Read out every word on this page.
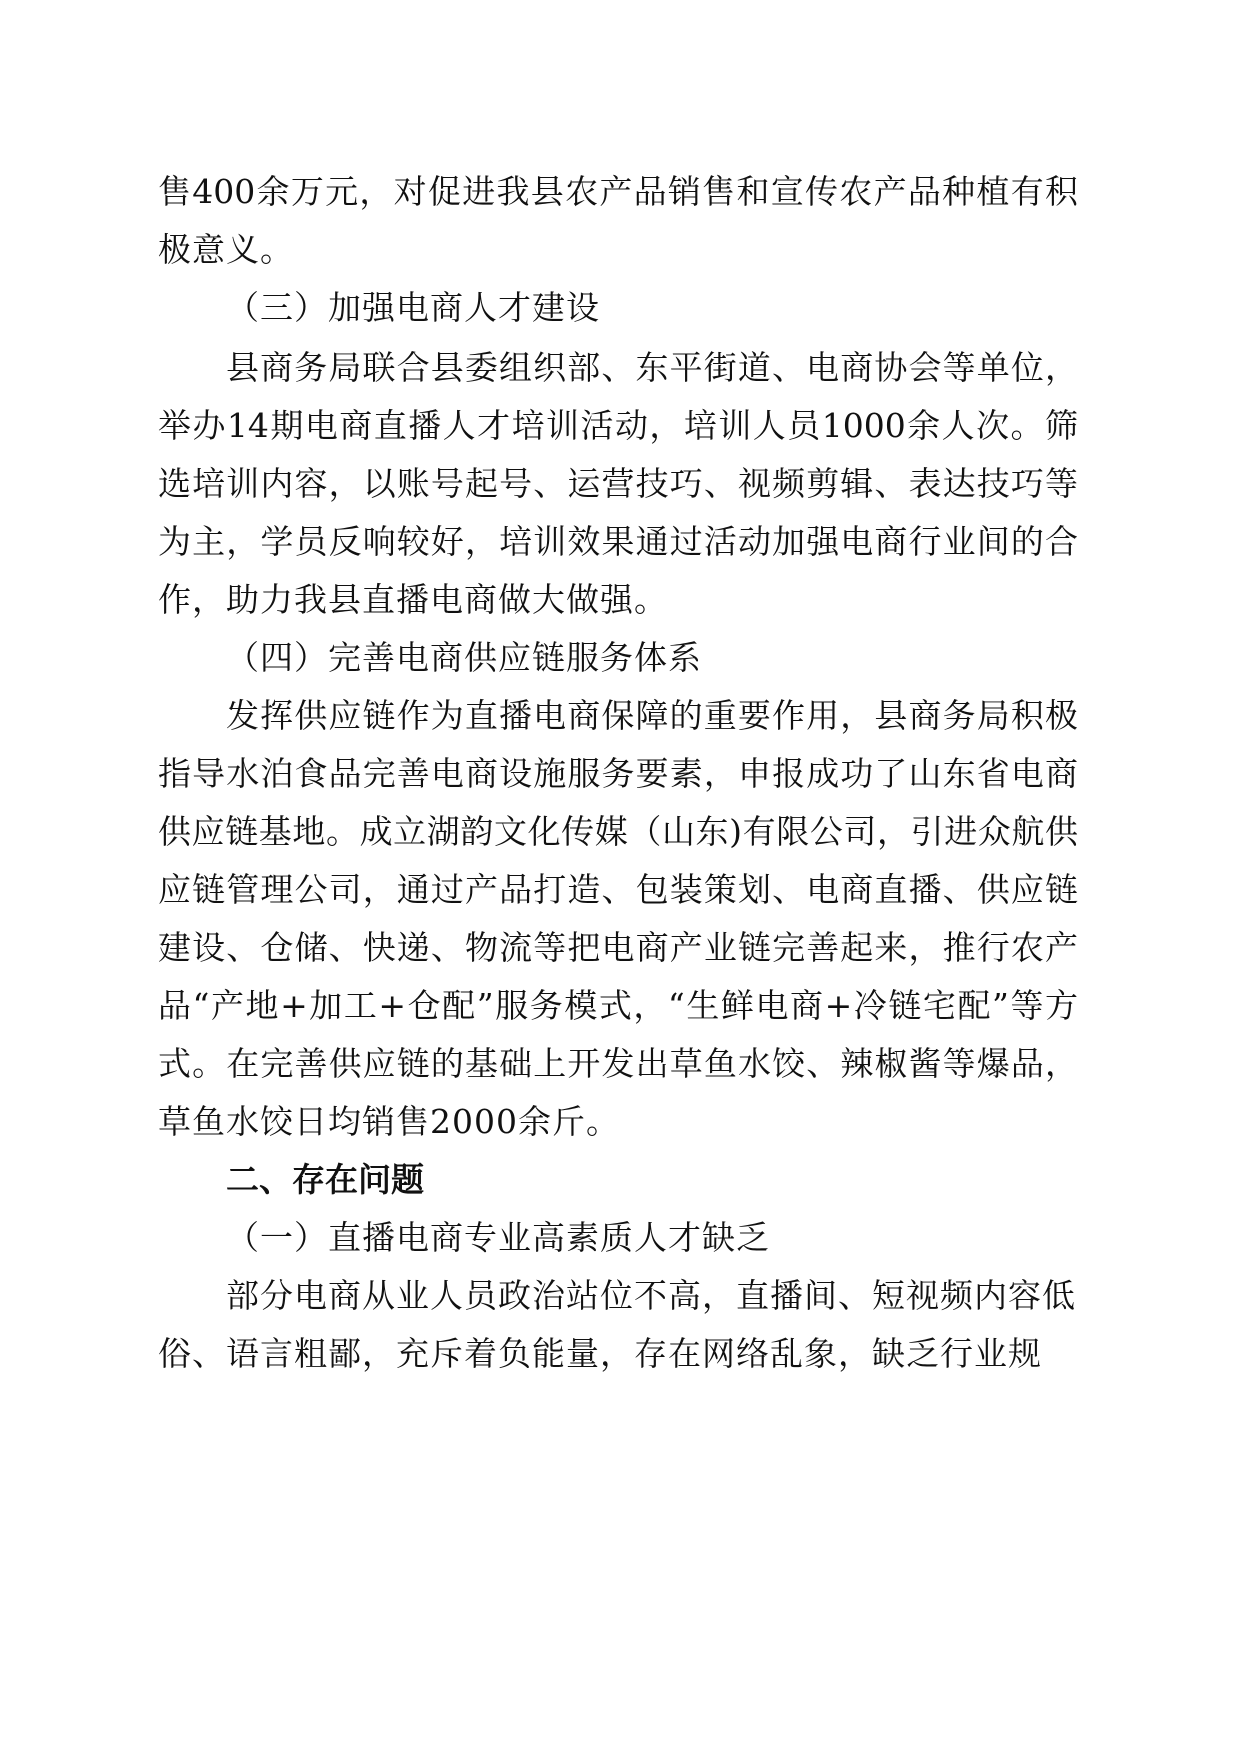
售400余万元，对促进我县农产品销售和宣传农产品种植有积
极意义。
（三）加强电商人才建设
县商务局联合县委组织部、东平街道、电商协会等单位，
举办14期电商直播人才培训活动，培训人员1000余人次。筛
选培训内容，以账号起号、运营技巧、视频剪辑、表达技巧等
为主，学员反响较好，培训效果通过活动加强电商行业间的合
作，助力我县直播电商做大做强。
（四）完善电商供应链服务体系
发挥供应链作为直播电商保障的重要作用，县商务局积极
指导水泊食品完善电商设施服务要素，申报成功了山东省电商
供应链基地。成立湖韵文化传媒（山东)有限公司，引进众航供
应链管理公司，通过产品打造、包装策划、电商直播、供应链
建设、仓储、快递、物流等把电商产业链完善起来，推行农产
品“产地+加工+仓配”服务模式，“生鲜电商+冷链宅配”等方
式。在完善供应链的基础上开发出草鱼水饺、辣椒酱等爆品，
草鱼水饺日均销售2000余斤。
二、存在问题
（一）直播电商专业高素质人才缺乏
部分电商从业人员政治站位不高，直播间、短视频内容低
俗、语言粗鄙，充斥着负能量，存在网络乱象，缺乏行业规
